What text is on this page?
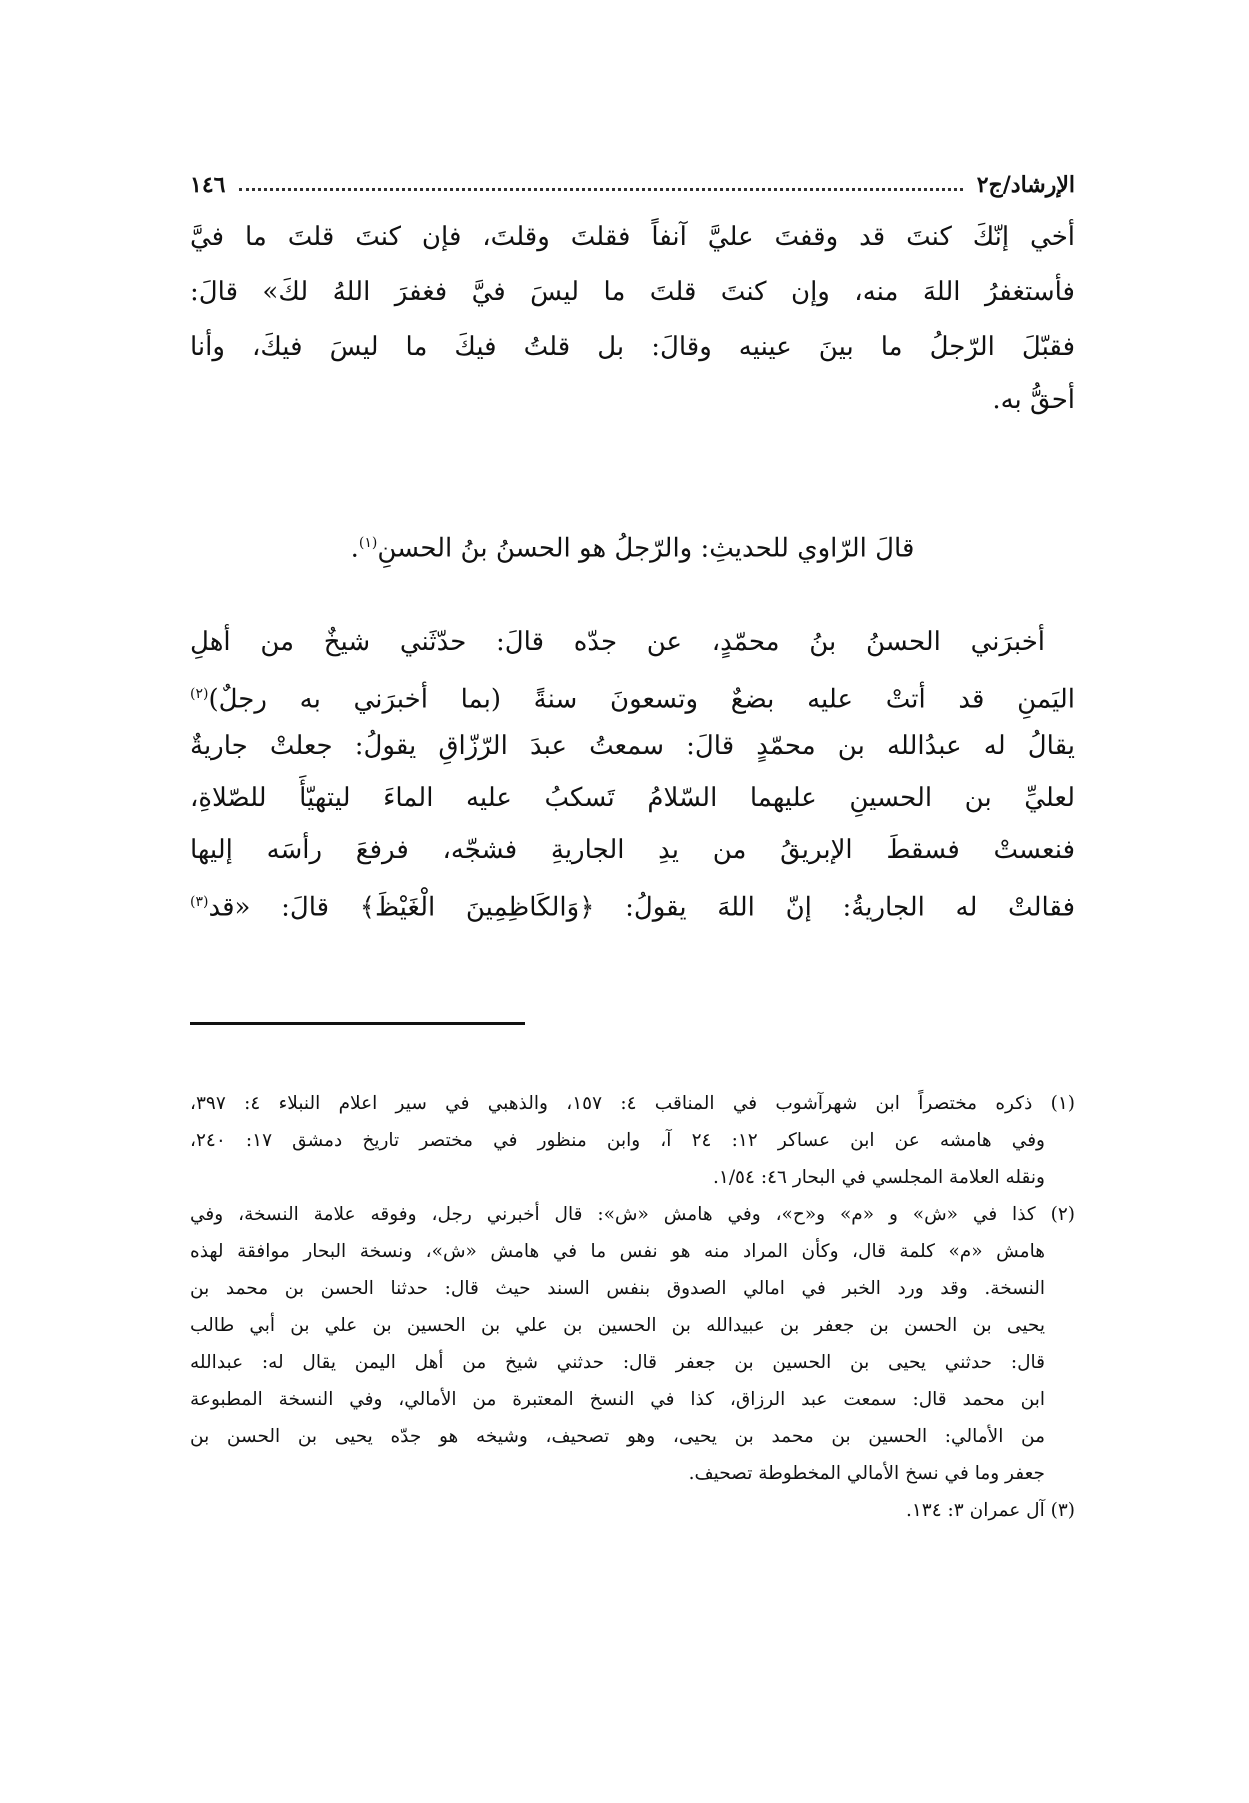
الإرشاد/ج٢
١٤٦
أخي إنّكَ كنتَ قد وقفتَ عليَّ آنفاً فقلتَ وقلتَ، فإن كنتَ قلتَ ما فيَّ
فأستغفرُ اللهَ منه، وإن كنتَ قلتَ ما ليسَ فيَّ فغفرَ اللهُ لكَ» قالَ:
فقبّلَ الرّجلُ ما بينَ عينيه وقالَ: بل قلتُ فيكَ ما ليسَ فيكَ، وأنا
أحقُّ به.
قالَ الرّاوي للحديثِ: والرّجلُ هو الحسنُ بنُ الحسنِ$^{(١)}$.
أخبرَني الحسنُ بنُ محمّدٍ، عن جدّه قالَ: حدّثَني شيخٌ من أهلِ
اليَمنِ قد أتتْ عليه بضعٌ وتسعونَ سنةً (بما أخبرَني به رجلٌ)$^{(٢)}$
يقالُ له عبدُالله بن محمّدٍ قالَ: سمعتُ عبدَ الرّزّاقِ يقولُ: جعلتْ جاريةٌ
لعليِّ بن الحسينِ عليهما السّلامُ تَسكبُ عليه الماءَ ليتهيّأَ للصّلاةِ،
فنعستْ فسقطَ الإبريقُ من يدِ الجاريةِ فشجّه، فرفعَ رأسَه إليها
فقالتْ له الجاريةُ: إنّ اللهَ يقولُ: ﴿وَالكَاظِمِينَ الْغَيْظَ﴾ قالَ: «قد$^{(٣)}$
(١) ذكره مختصراً ابن شهرآشوب في المناقب ٤: ١٥٧، والذهبي في سير اعلام النبلاء ٤: ٣٩٧،
وفي هامشه عن ابن عساكر ١٢: ٢٤ آ، وابن منظور في مختصر تاريخ دمشق ١٧: ٢٤٠،
ونقله العلامة المجلسي في البحار ٤٦: ١/٥٤.
(٢) كذا في «ش» و «م» و«ح»، وفي هامش «ش»: قال أخبرني رجل، وفوقه علامة النسخة، وفي
هامش «م» كلمة قال، وكأن المراد منه هو نفس ما في هامش «ش»، ونسخة البحار موافقة لهذه
النسخة. وقد ورد الخبر في امالي الصدوق بنفس السند حيث قال: حدثنا الحسن بن محمد بن
يحيى بن الحسن بن جعفر بن عبيدالله بن الحسين بن علي بن الحسين بن علي بن أبي طالب
قال: حدثني يحيى بن الحسين بن جعفر قال: حدثني شيخ من أهل اليمن يقال له: عبدالله
ابن محمد قال: سمعت عبد الرزاق، كذا في النسخ المعتبرة من الأمالي، وفي النسخة المطبوعة
من الأمالي: الحسين بن محمد بن يحيى، وهو تصحيف، وشيخه هو جدّه يحيى بن الحسن بن
جعفر وما في نسخ الأمالي المخطوطة تصحيف.
(٣) آل عمران ٣: ١٣٤.
